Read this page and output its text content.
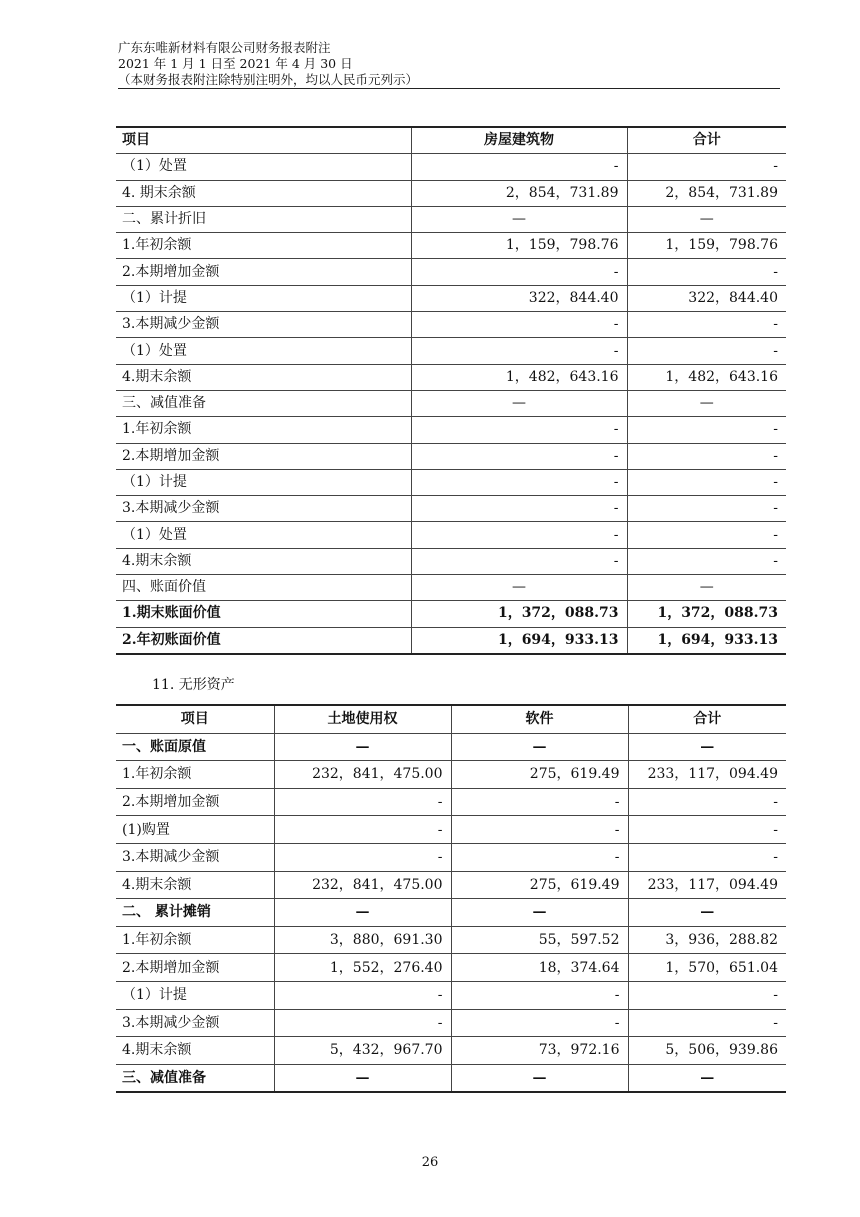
广东东唯新材料有限公司财务报表附注
2021 年 1 月 1 日至 2021 年 4 月 30 日
（本财务报表附注除特别注明外，均以人民币元列示）
项目	房屋建筑物	合计
（1）处置	-	-
4. 期末余额	2，854，731.89	2，854，731.89
二、累计折旧	—	—
1.年初余额	1，159，798.76	1，159，798.76
2.本期增加金额	-	-
（1）计提	322，844.40	322，844.40
3.本期减少金额	-	-
（1）处置	-	-
4.期末余额	1，482，643.16	1，482，643.16
三、减值准备	—	—
1.年初余额	-	-
2.本期增加金额	-	-
（1）计提	-	-
3.本期减少金额	-	-
（1）处置	-	-
4.期末余额	-	-
四、账面价值	—	—
1.期末账面价值	1，372，088.73	1，372，088.73
2.年初账面价值	1，694，933.13	1，694，933.13
11. 无形资产
项目	土地使用权	软件	合计
一、账面原值	—	—	—
1.年初余额	232，841，475.00	275，619.49	233，117，094.49
2.本期增加金额	-	-	-
(1)购置	-	-	-
3.本期减少金额	-	-	-
4.期末余额	232，841，475.00	275，619.49	233，117，094.49
二、 累计摊销	—	—	—
1.年初余额	3，880，691.30	55，597.52	3，936，288.82
2.本期增加金额	1，552，276.40	18，374.64	1，570，651.04
（1）计提	-	-	-
3.本期减少金额	-	-	-
4.期末余额	5，432，967.70	73，972.16	5，506，939.86
三、减值准备	—	—	—
26
